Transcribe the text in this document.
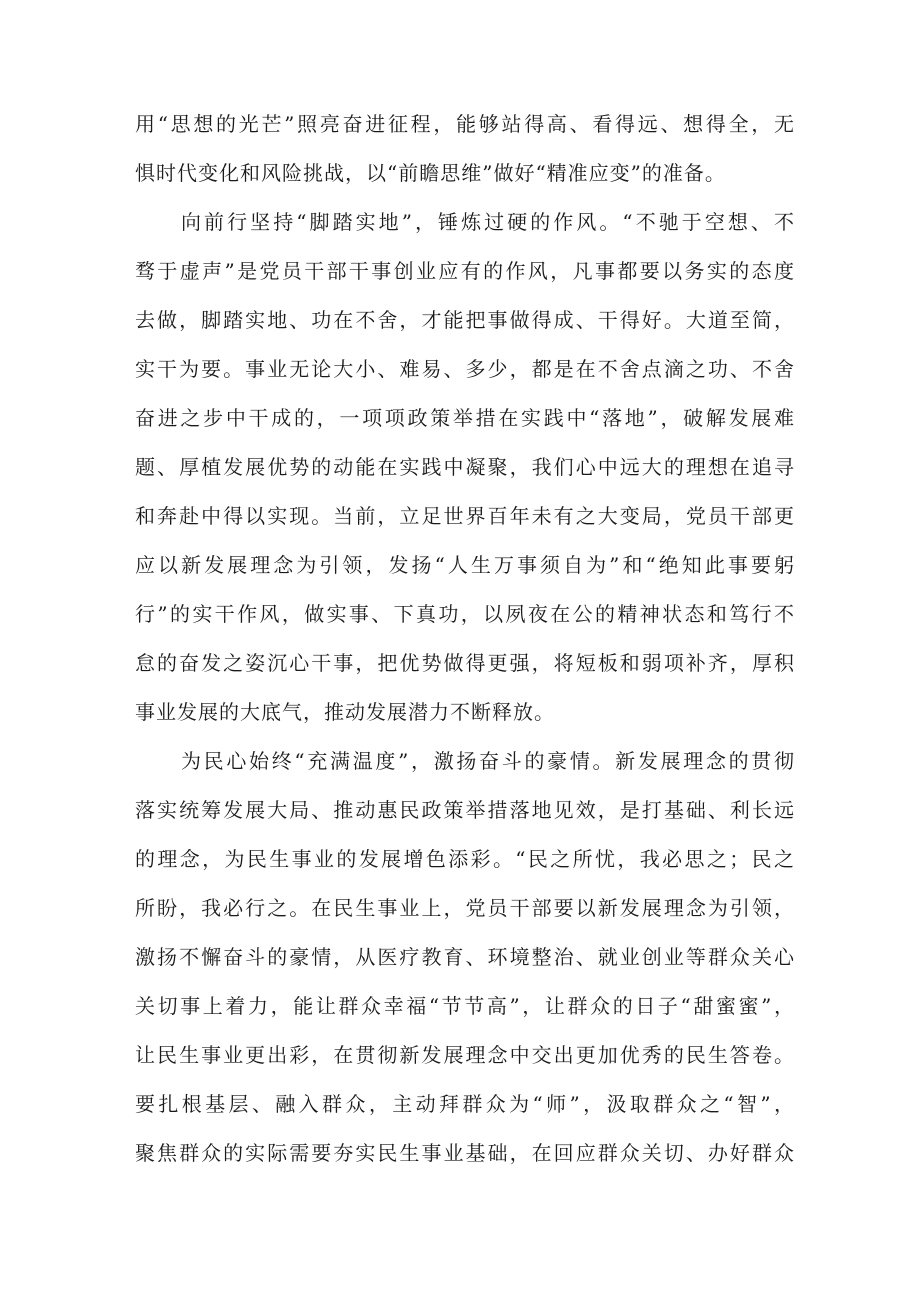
用“思想的光芒”照亮奋进征程，能够站得高、看得远、想得全，无
惧时代变化和风险挑战，以“前瞻思维”做好“精准应变”的准备。
向前行坚持“脚踏实地”，锤炼过硬的作风。“不驰于空想、不
骛于虚声”是党员干部干事创业应有的作风，凡事都要以务实的态度
去做，脚踏实地、功在不舍，才能把事做得成、干得好。大道至简，
实干为要。事业无论大小、难易、多少，都是在不舍点滴之功、不舍
奋进之步中干成的，一项项政策举措在实践中“落地”，破解发展难
题、厚植发展优势的动能在实践中凝聚，我们心中远大的理想在追寻
和奔赴中得以实现。当前，立足世界百年未有之大变局，党员干部更
应以新发展理念为引领，发扬“人生万事须自为”和“绝知此事要躬
行”的实干作风，做实事、下真功，以夙夜在公的精神状态和笃行不
怠的奋发之姿沉心干事，把优势做得更强，将短板和弱项补齐，厚积
事业发展的大底气，推动发展潜力不断释放。
为民心始终“充满温度”，激扬奋斗的豪情。新发展理念的贯彻
落实统筹发展大局、推动惠民政策举措落地见效，是打基础、利长远
的理念，为民生事业的发展增色添彩。“民之所忧，我必思之；民之
所盼，我必行之。在民生事业上，党员干部要以新发展理念为引领，
激扬不懈奋斗的豪情，从医疗教育、环境整治、就业创业等群众关心
关切事上着力，能让群众幸福“节节高”，让群众的日子“甜蜜蜜”，
让民生事业更出彩，在贯彻新发展理念中交出更加优秀的民生答卷。
要扎根基层、融入群众，主动拜群众为“师”，汲取群众之“智”，
聚焦群众的实际需要夯实民生事业基础，在回应群众关切、办好群众
